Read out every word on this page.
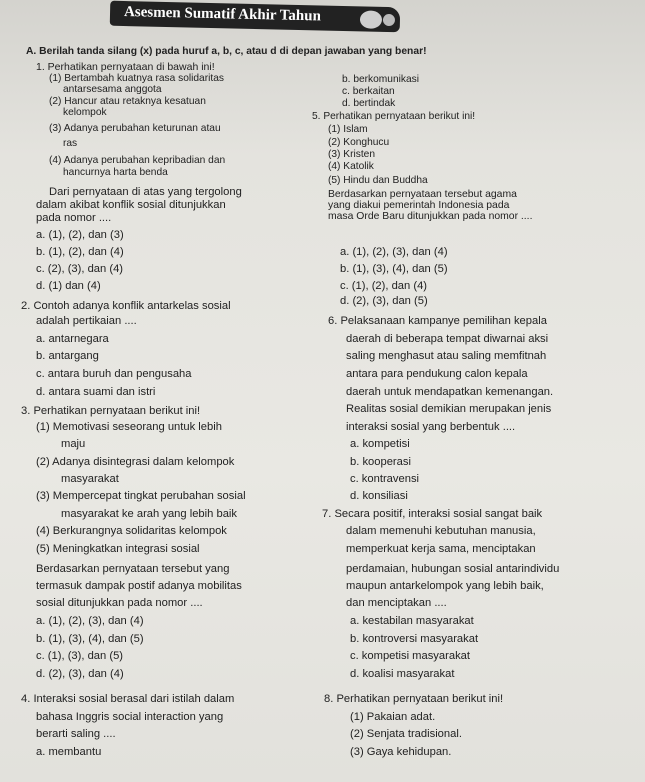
Asesmen Sumatif Akhir Tahun
A. Berilah tanda silang (x) pada huruf a, b, c, atau d di depan jawaban yang benar!
1. Perhatikan pernyataan di bawah ini!
(1) Bertambah kuatnya rasa solidaritas
antarsesama anggota
(2) Hancur atau retaknya kesatuan
kelompok
(3) Adanya perubahan keturunan atau
ras
(4) Adanya perubahan kepribadian dan
hancurnya harta benda
Dari pernyataan di atas yang tergolong
dalam akibat konflik sosial ditunjukkan
pada nomor ....
a. (1), (2), dan (3)
b. (1), (2), dan (4)
c. (2), (3), dan (4)
d. (1) dan (4)
2. Contoh adanya konflik antarkelas sosial
adalah pertikaian ....
a. antarnegara
b. antargang
c. antara buruh dan pengusaha
d. antara suami dan istri
3. Perhatikan pernyataan berikut ini!
(1) Memotivasi seseorang untuk lebih
maju
(2) Adanya disintegrasi dalam kelompok
masyarakat
(3) Mempercepat tingkat perubahan sosial
masyarakat ke arah yang lebih baik
(4) Berkurangnya solidaritas kelompok
(5) Meningkatkan integrasi sosial
Berdasarkan pernyataan tersebut yang
termasuk dampak postif adanya mobilitas
sosial ditunjukkan pada nomor ....
a. (1), (2), (3), dan (4)
b. (1), (3), (4), dan (5)
c. (1), (3), dan (5)
d. (2), (3), dan (4)
4. Interaksi sosial berasal dari istilah dalam
bahasa Inggris social interaction yang
berarti saling ....
a. membantu
b. berkomunikasi
c. berkaitan
d. bertindak
5. Perhatikan pernyataan berikut ini!
(1) Islam
(2) Konghucu
(3) Kristen
(4) Katolik
(5) Hindu dan Buddha
Berdasarkan pernyataan tersebut agama
yang diakui pemerintah Indonesia pada
masa Orde Baru ditunjukkan pada nomor ....
a. (1), (2), (3), dan (4)
b. (1), (3), (4), dan (5)
c. (1), (2), dan (4)
d. (2), (3), dan (5)
6. Pelaksanaan kampanye pemilihan kepala
daerah di beberapa tempat diwarnai aksi
saling menghasut atau saling memfitnah
antara para pendukung calon kepala
daerah untuk mendapatkan kemenangan.
Realitas sosial demikian merupakan jenis
interaksi sosial yang berbentuk ....
a. kompetisi
b. kooperasi
c. kontravensi
d. konsiliasi
7. Secara positif, interaksi sosial sangat baik
dalam memenuhi kebutuhan manusia,
memperkuat kerja sama, menciptakan
perdamaian, hubungan sosial antarindividu
maupun antarkelompok yang lebih baik,
dan menciptakan ....
a. kestabilan masyarakat
b. kontroversi masyarakat
c. kompetisi masyarakat
d. koalisi masyarakat
8. Perhatikan pernyataan berikut ini!
(1) Pakaian adat.
(2) Senjata tradisional.
(3) Gaya kehidupan.
